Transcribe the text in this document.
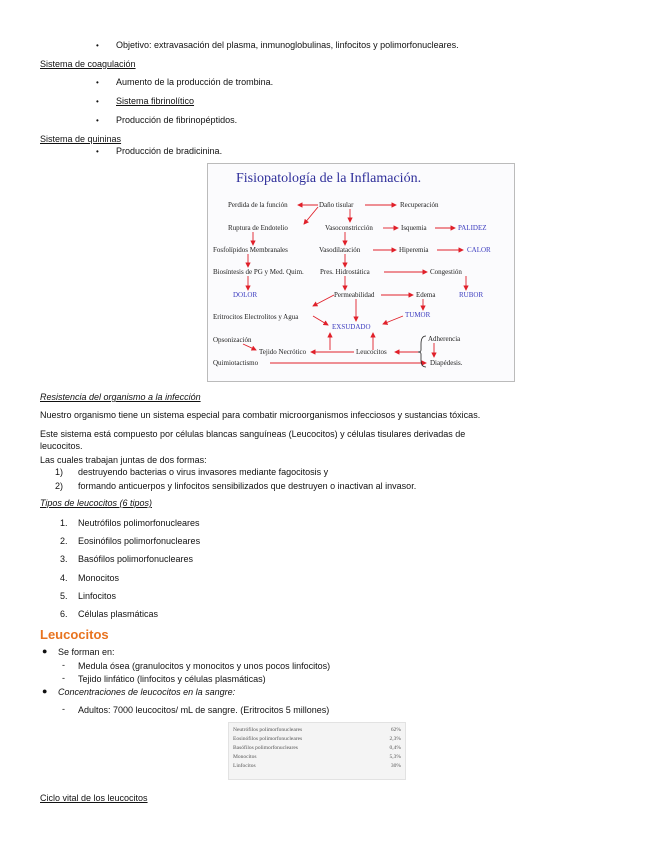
• Objetivo: extravasación del plasma, inmunoglobulinas, linfocitos y polimorfonucleares.
Sistema de coagulación
• Aumento de la producción de trombina.
• Sistema fibrinolítico
• Producción de fibrinopéptidos.
Sistema de quininas
• Producción de bradicinina.
Fisiopatología de la Inflamación.
Perdida de la función	Daño tisular	Recuperación
Ruptura de Endotelio	Vasoconstricción	Isquemia	PALIDEZ
Fosfolípidos Membranales	Vasodilatación	Hiperemia	CALOR
Biosíntesis de PG y Med. Quim. Pres. Hidrostática	Congestión
DOLOR	Permeabilidad	Edema	RUBOR
Eritrocitos Electrolitos y Agua	TUMOR
EXSUDADO
Opsonización
Tejido Necrótico	Leucocitos
Adherencia
Quimiotactismo	Diapédesis.
Resistencia del organismo a la infección
Nuestro organismo tiene un sistema especial para combatir microorganismos infecciosos y sustancias tóxicas.
Este sistema está compuesto por células blancas sanguíneas (Leucocitos) y células tisulares derivadas de
leucocitos.
Las cuales trabajan juntas de dos formas:
1) destruyendo bacterias o virus invasores mediante fagocitosis y
2) formando anticuerpos y linfocitos sensibilizados que destruyen o inactivan al invasor.
Tipos de leucocitos (6 tipos)
1. Neutrófilos polimorfonucleares
2. Eosinófilos polimorfonucleares
3. Basófilos polimorfonucleares
4. Monocitos
5. Linfocitos
6. Células plasmáticas
Leucocitos
● Se forman en:
- Medula ósea (granulocitos y monocitos y unos pocos linfocitos)
- Tejido linfático (linfocitos y células plasmáticas)
● Concentraciones de leucocitos en la sangre:
- Adultos: 7000 leucocitos/ mL de sangre. (Eritrocitos 5 millones)
Neutrófilos polimorfonucleares	62%
Eosinófilos polimorfonucleares	2,3%
Basófilos polimorfonucleares	0,4%
Monocitos	5,3%
Linfocitos	30%
Ciclo vital de los leucocitos
